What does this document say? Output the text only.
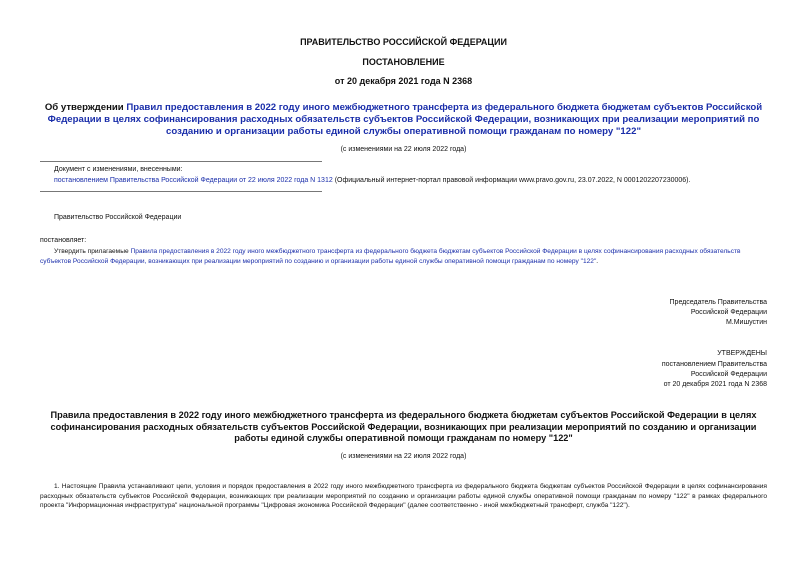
ПРАВИТЕЛЬСТВО РОССИЙСКОЙ ФЕДЕРАЦИИ
ПОСТАНОВЛЕНИЕ
от 20 декабря 2021 года N 2368
Об утверждении Правил предоставления в 2022 году иного межбюджетного трансферта из федерального бюджета бюджетам субъектов Российской Федерации в целях софинансирования расходных обязательств субъектов Российской Федерации, возникающих при реализации мероприятий по созданию и организации работы единой службы оперативной помощи гражданам по номеру "122"
(с изменениями на 22 июля 2022 года)
Документ с изменениями, внесенными:
постановлением Правительства Российской Федерации от 22 июля 2022 года N 1312 (Официальный интернет-портал правовой информации www.pravo.gov.ru, 23.07.2022, N 0001202207230006).
Правительство Российской Федерации
постановляет:
Утвердить прилагаемые Правила предоставления в 2022 году иного межбюджетного трансферта из федерального бюджета бюджетам субъектов Российской Федерации в целях софинансирования расходных обязательств субъектов Российской Федерации, возникающих при реализации мероприятий по созданию и организации работы единой службы оперативной помощи гражданам по номеру "122".
Председатель Правительства
Российской Федерации
М.Мишустин
УТВЕРЖДЕНЫ
постановлением Правительства
Российской Федерации
от 20 декабря 2021 года N 2368
Правила предоставления в 2022 году иного межбюджетного трансферта из федерального бюджета бюджетам субъектов Российской Федерации в целях софинансирования расходных обязательств субъектов Российской Федерации, возникающих при реализации мероприятий по созданию и организации работы единой службы оперативной помощи гражданам по номеру "122"
(с изменениями на 22 июля 2022 года)
1. Настоящие Правила устанавливают цели, условия и порядок предоставления в 2022 году иного межбюджетного трансферта из федерального бюджета бюджетам субъектов Российской Федерации в целях софинансирования расходных обязательств субъектов Российской Федерации, возникающих при реализации мероприятий по созданию и организации работы единой службы оперативной помощи гражданам по номеру "122" в рамках федерального проекта "Информационная инфраструктура" национальной программы "Цифровая экономика Российской Федерации" (далее соответственно - иной межбюджетный трансферт, служба "122").
